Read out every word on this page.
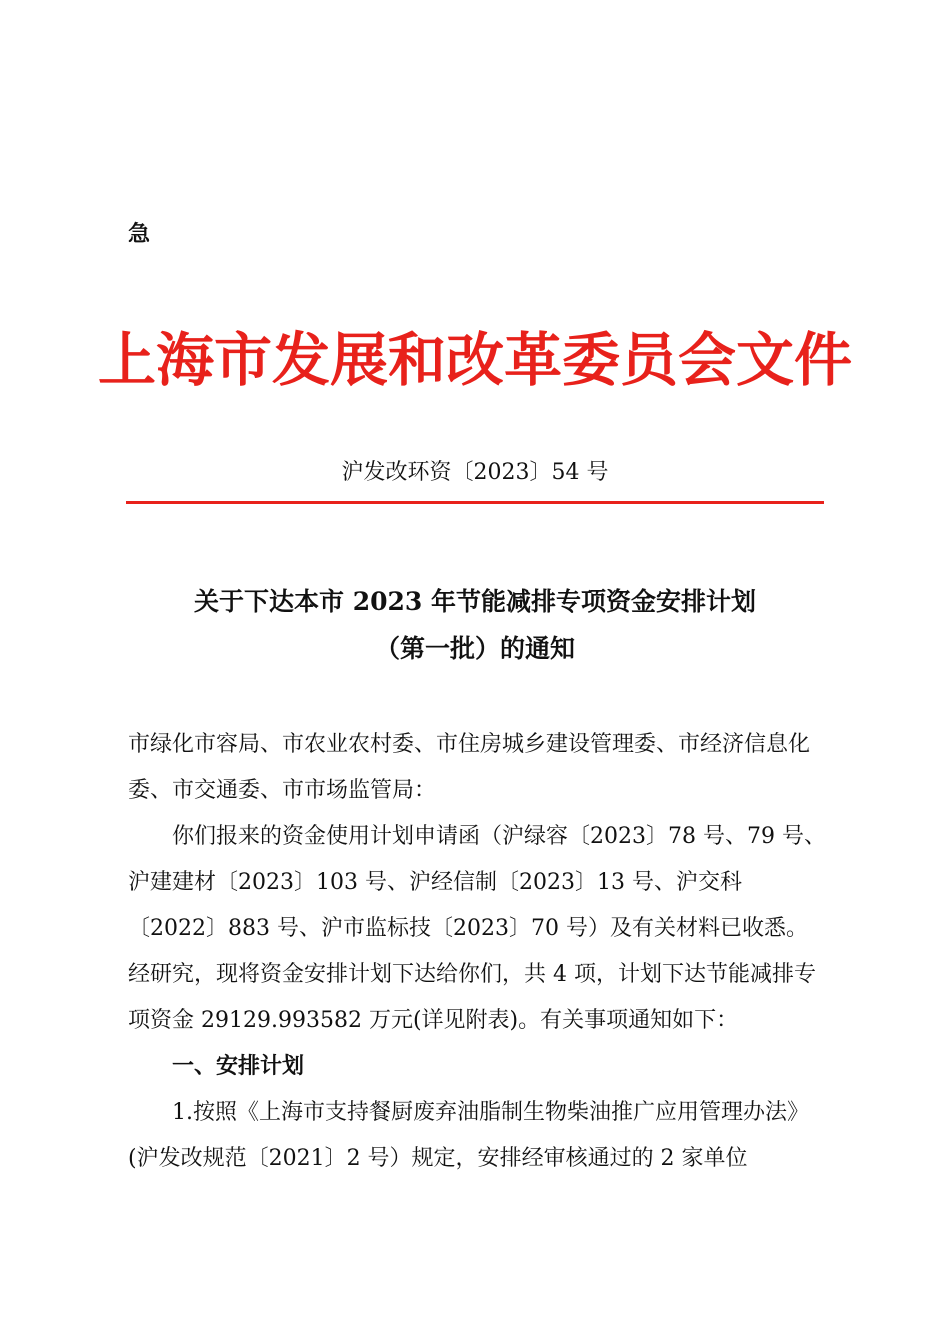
急
上海市发展和改革委员会文件
沪发改环资〔2023〕54 号
关于下达本市 2023 年节能减排专项资金安排计划
（第一批）的通知
市绿化市容局、市农业农村委、市住房城乡建设管理委、市经济信息化委、市交通委、市市场监管局：
你们报来的资金使用计划申请函（沪绿容〔2023〕78 号、79 号、沪建建材〔2023〕103 号、沪经信制〔2023〕13 号、沪交科〔2022〕883 号、沪市监标技〔2023〕70 号）及有关材料已收悉。经研究，现将资金安排计划下达给你们，共 4 项，计划下达节能减排专项资金 29129.993582 万元(详见附表)。有关事项通知如下：
一、安排计划
1.按照《上海市支持餐厨废弃油脂制生物柴油推广应用管理办法》(沪发改规范〔2021〕2 号）规定，安排经审核通过的 2 家单位
